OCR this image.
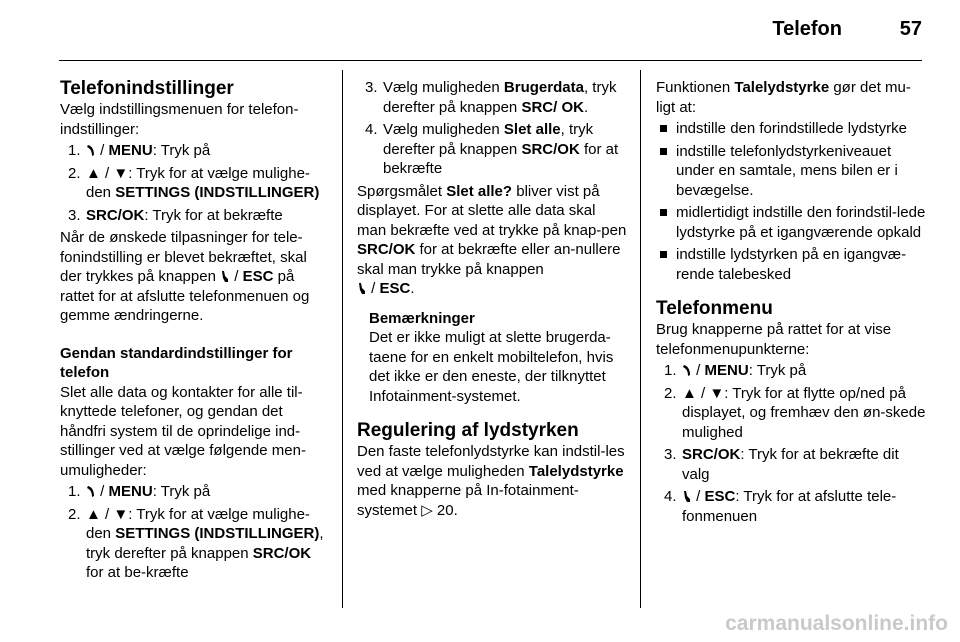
Telefon	57
Telefonindstillinger

Vælg indstillingsmenuen for telefon-indstillinger:

1. / MENU: Tryk på
2. ▲ / ▼: Tryk for at vælge mulighe-den SETTINGS (INDSTILLINGER)
3. SRC/OK: Tryk for at bekræfte

Når de ønskede tilpasninger for tele-fonindstilling er blevet bekræftet, skal der trykkes på knappen  / ESC på rattet for at afslutte telefonmenuen og gemme ændringerne.

Gendan standardindstillinger for telefon

Slet alle data og kontakter for alle til-knyttede telefoner, og gendan det håndfri system til de oprindelige ind-stillinger ved at vælge følgende men-umuligheder:

1. / MENU: Tryk på
2. ▲ / ▼: Tryk for at vælge mulighe-den SETTINGS (INDSTILLINGER), tryk derefter på knappen SRC/OK for at be-kræfte
3. Vælg muligheden Brugerdata, tryk derefter på knappen SRC/ OK.
4. Vælg muligheden Slet alle, tryk derefter på knappen SRC/OK for at bekræfte

Spørgsmålet Slet alle? bliver vist på displayet. For at slette alle data skal man bekræfte ved at trykke på knap-pen SRC/OK for at bekræfte eller an-nullere skal man trykke på knappen
/ ESC.

Bemærkninger

Det er ikke muligt at slette brugerda-taene for en enkelt mobiltelefon, hvis det ikke er den eneste, der tilknyttet Infotainment-systemet.

Regulering af lydstyrken

Den faste telefonlydstyrke kan indstil-les ved at vælge muligheden Talelydstyrke med knapperne på In-fotainment-systemet ▷ 20.

Funktionen Talelydstyrke gør det mu-ligt at:

indstille den forindstillede lydstyrke
indstille telefonlydstyrkeniveauet under en samtale, mens bilen er i bevægelse.
midlertidigt indstille den forindstil-lede lydstyrke på et igangværende opkald
indstille lydstyrken på en igangvæ-rende talebesked
Telefonmenu

Brug knapperne på rattet for at vise telefonmenupunkterne:

1. / MENU: Tryk på
2. ▲ / ▼: Tryk for at flytte op/ned på displayet, og fremhæv den øn-skede mulighed
3. SRC/OK: Tryk for at bekræfte dit valg
4. / ESC: Tryk for at afslutte tele-fonmenuen
carmanualsonline.info
